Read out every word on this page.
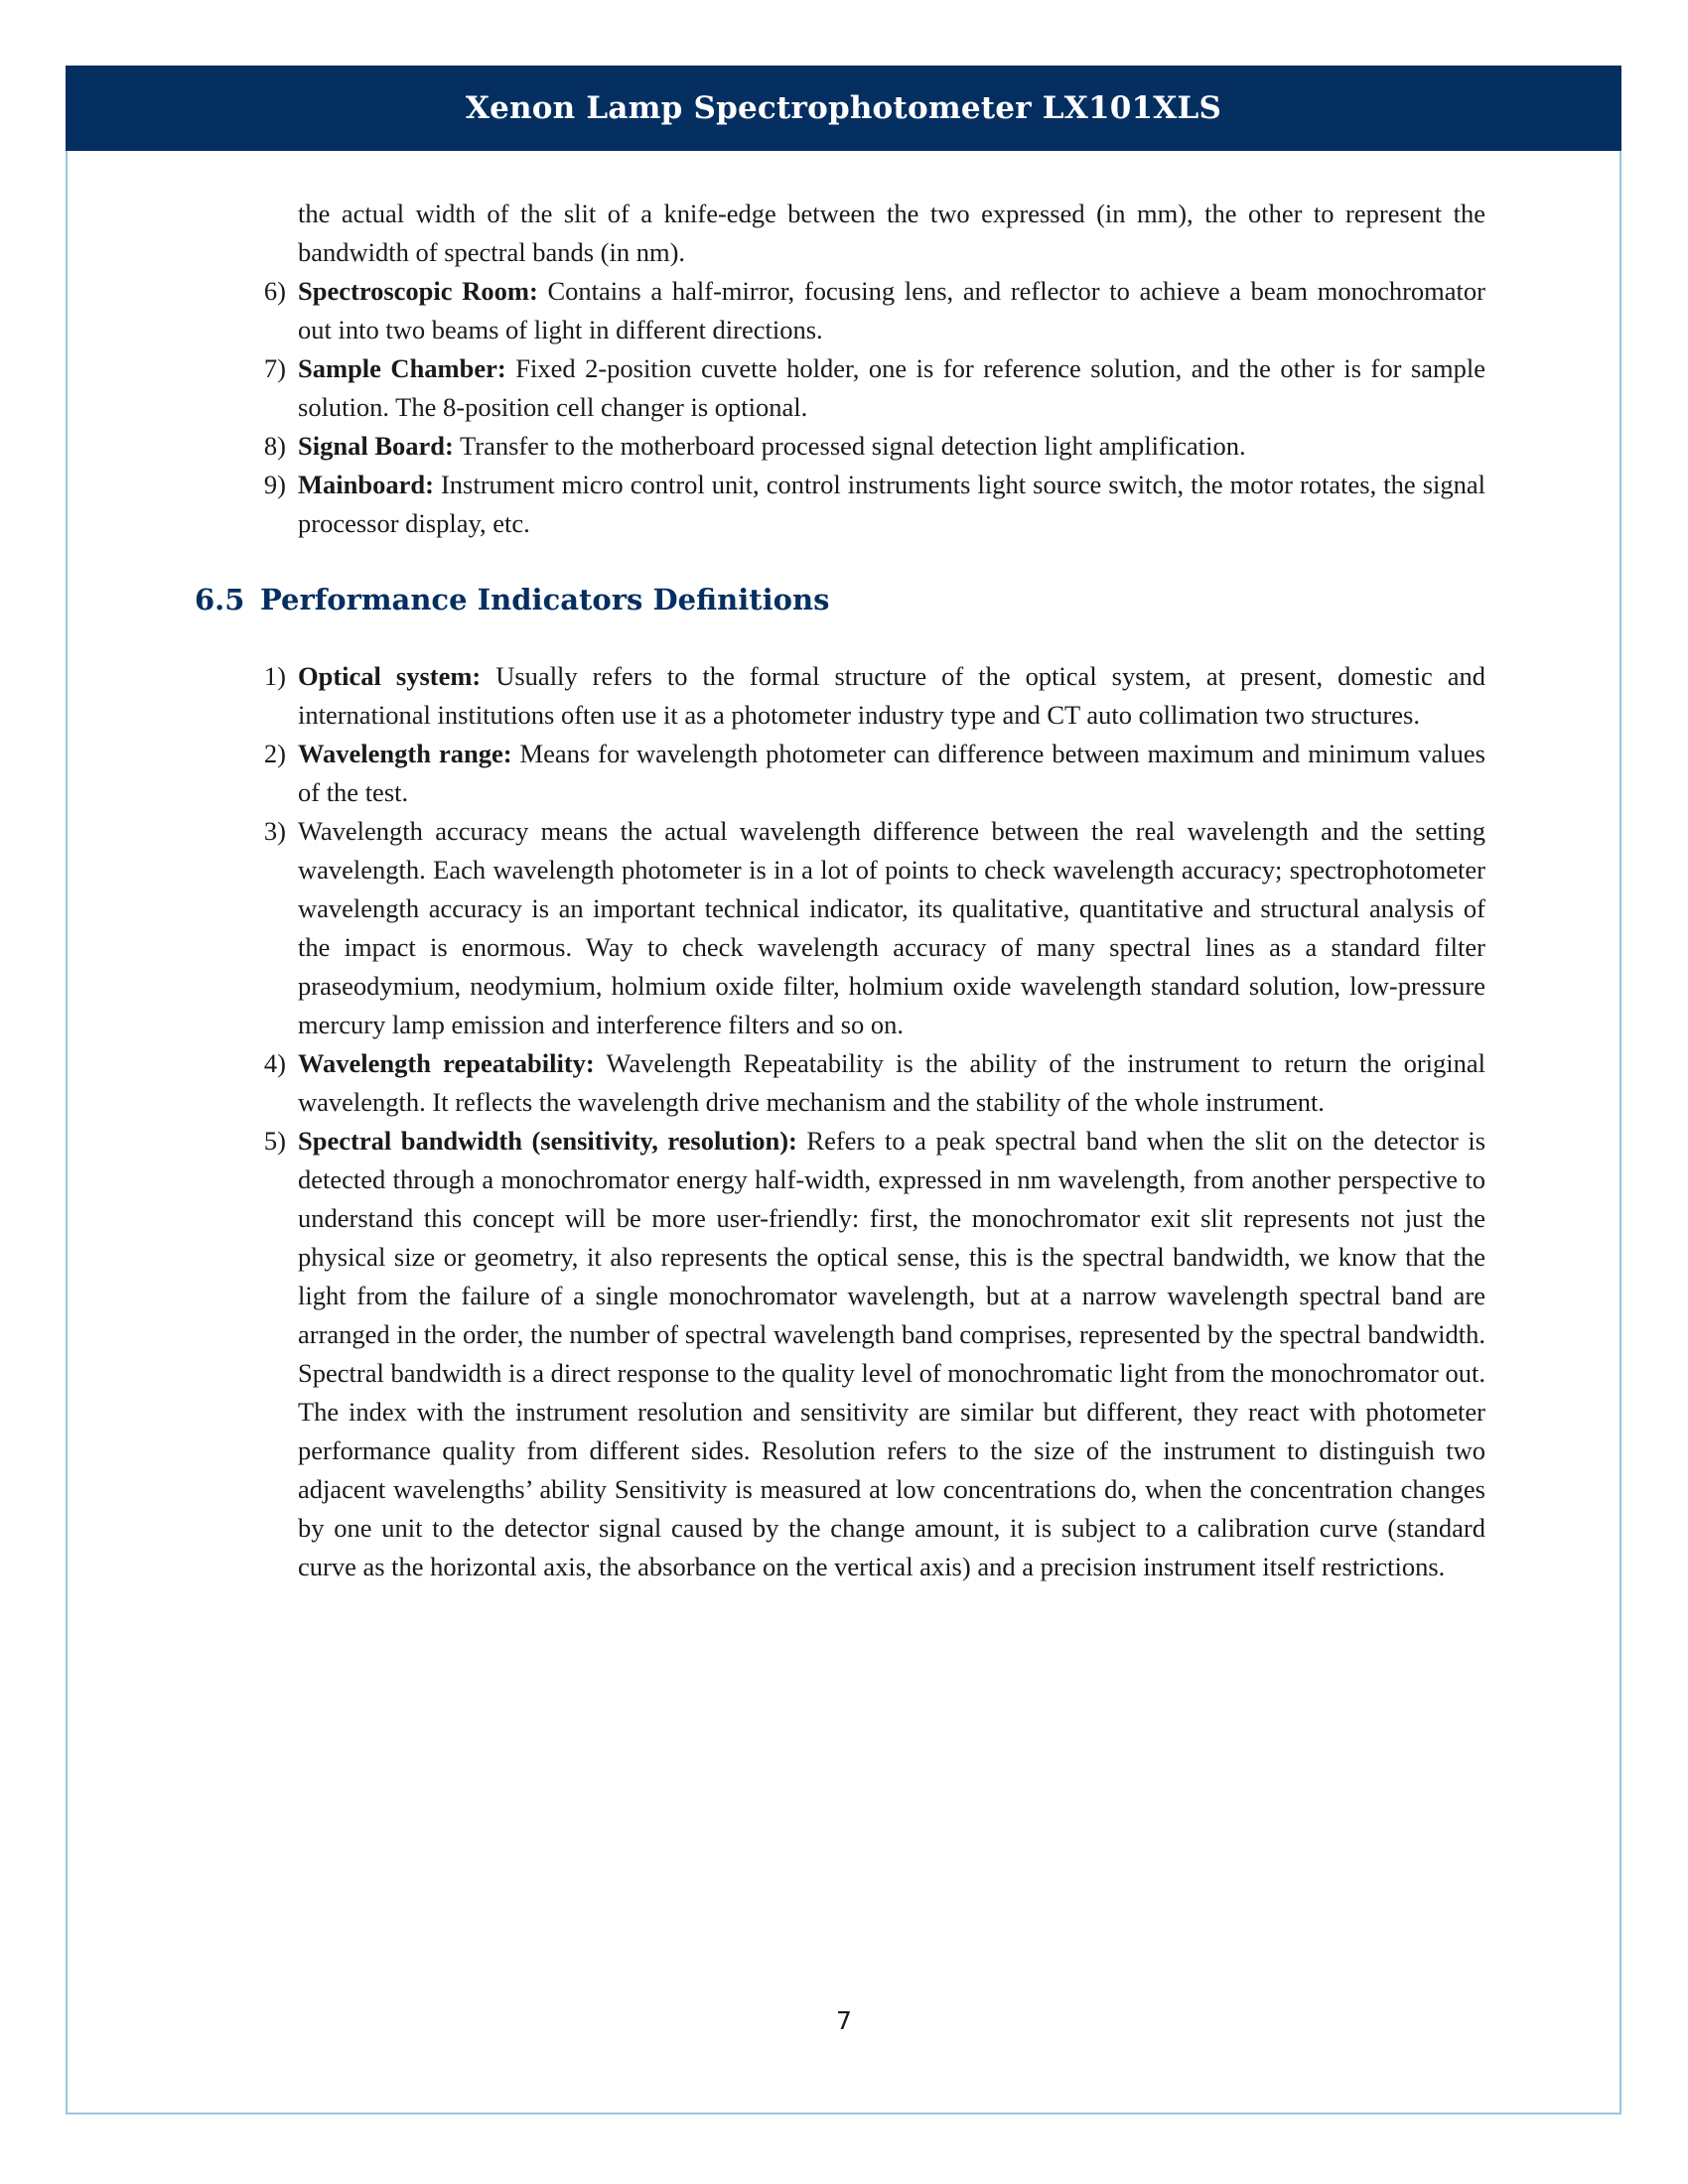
Xenon Lamp Spectrophotometer LX101XLS
the actual width of the slit of a knife-edge between the two expressed (in mm), the other to represent the bandwidth of spectral bands (in nm).
6) Spectroscopic Room: Contains a half-mirror, focusing lens, and reflector to achieve a beam monochromator out into two beams of light in different directions.
7) Sample Chamber: Fixed 2-position cuvette holder, one is for reference solution, and the other is for sample solution. The 8-position cell changer is optional.
8) Signal Board: Transfer to the motherboard processed signal detection light amplification.
9) Mainboard: Instrument micro control unit, control instruments light source switch, the motor rotates, the signal processor display, etc.
6.5 Performance Indicators Definitions
1) Optical system: Usually refers to the formal structure of the optical system, at present, domestic and international institutions often use it as a photometer industry type and CT auto collimation two structures.
2) Wavelength range: Means for wavelength photometer can difference between maximum and minimum values of the test.
3) Wavelength accuracy means the actual wavelength difference between the real wavelength and the setting wavelength. Each wavelength photometer is in a lot of points to check wavelength accuracy; spectrophotometer wavelength accuracy is an important technical indicator, its qualitative, quantitative and structural analysis of the impact is enormous. Way to check wavelength accuracy of many spectral lines as a standard filter praseodymium, neodymium, holmium oxide filter, holmium oxide wavelength standard solution, low-pressure mercury lamp emission and interference filters and so on.
4) Wavelength repeatability: Wavelength Repeatability is the ability of the instrument to return the original wavelength. It reflects the wavelength drive mechanism and the stability of the whole instrument.
5) Spectral bandwidth (sensitivity, resolution): Refers to a peak spectral band when the slit on the detector is detected through a monochromator energy half-width, expressed in nm wavelength, from another perspective to understand this concept will be more user-friendly: first, the monochromator exit slit represents not just the physical size or geometry, it also represents the optical sense, this is the spectral bandwidth, we know that the light from the failure of a single monochromator wavelength, but at a narrow wavelength spectral band are arranged in the order, the number of spectral wavelength band comprises, represented by the spectral bandwidth. Spectral bandwidth is a direct response to the quality level of monochromatic light from the monochromator out. The index with the instrument resolution and sensitivity are similar but different, they react with photometer performance quality from different sides. Resolution refers to the size of the instrument to distinguish two adjacent wavelengths’ ability Sensitivity is measured at low concentrations do, when the concentration changes by one unit to the detector signal caused by the change amount, it is subject to a calibration curve (standard curve as the horizontal axis, the absorbance on the vertical axis) and a precision instrument itself restrictions.
7
